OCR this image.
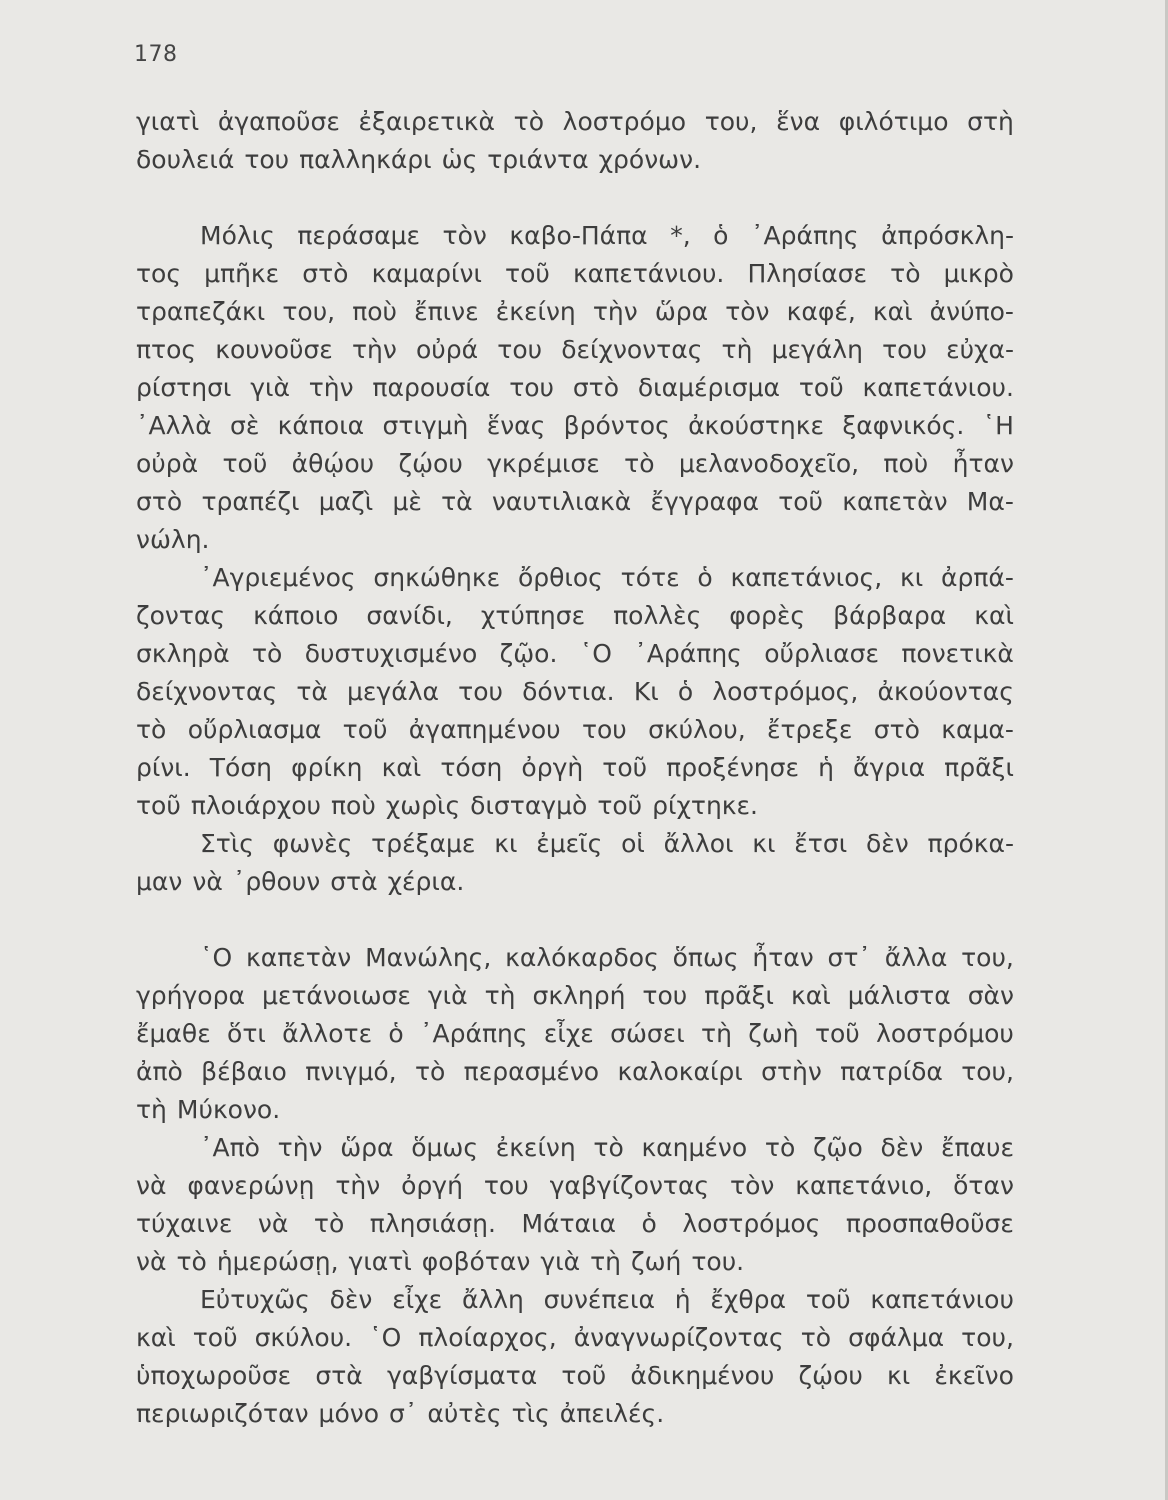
178
γιατὶ ἀγαποῦσε ἐξαιρετικὰ τὸ λοστρόμο του, ἕνα φιλότιμο στὴ
δουλειά του παλληκάρι ὡς τριάντα χρόνων.
Μόλις περάσαμε τὸν καβο-Πάπα *, ὁ ᾽Αράπης ἀπρόσκλη-
τος μπῆκε στὸ καμαρίνι τοῦ καπετάνιου. Πλησίασε τὸ μικρὸ
τραπεζάκι του, ποὺ ἔπινε ἐκείνη τὴν ὥρα τὸν καφέ, καὶ ἀνύπο-
πτος κουνοῦσε τὴν οὐρά του δείχνοντας τὴ μεγάλη του εὐχα-
ρίστησι γιὰ τὴν παρουσία του στὸ διαμέρισμα τοῦ καπετάνιου.
᾽Αλλὰ σὲ κάποια στιγμὴ ἕνας βρόντος ἀκούστηκε ξαφνικός. ῾Η
οὐρὰ τοῦ ἀθῴου ζῴου γκρέμισε τὸ μελανοδοχεῖο, ποὺ ἦταν
στὸ τραπέζι μαζὶ μὲ τὰ ναυτιλιακὰ ἔγγραφα τοῦ καπετὰν Μα-
νώλη.
᾽Αγριεμένος σηκώθηκε ὄρθιος τότε ὁ καπετάνιος, κι ἀρπά-
ζοντας κάποιο σανίδι, χτύπησε πολλὲς φορὲς βάρβαρα καὶ
σκληρὰ τὸ δυστυχισμένο ζῷο. ῾Ο ᾽Αράπης οὔρλιασε πονετικὰ
δείχνοντας τὰ μεγάλα του δόντια. Κι ὁ λοστρόμος, ἀκούοντας
τὸ οὔρλιασμα τοῦ ἀγαπημένου του σκύλου, ἔτρεξε στὸ καμα-
ρίνι. Τόση φρίκη καὶ τόση ὀργὴ τοῦ προξένησε ἡ ἄγρια πρᾶξι
τοῦ πλοιάρχου ποὺ χωρὶς δισταγμὸ τοῦ ρίχτηκε.
Στὶς φωνὲς τρέξαμε κι ἐμεῖς οἱ ἄλλοι κι ἔτσι δὲν πρόκα-
μαν νὰ ᾽ρθουν στὰ χέρια.
῾Ο καπετὰν Μανώλης, καλόκαρδος ὅπως ἦταν στ᾽ ἄλλα του,
γρήγορα μετάνοιωσε γιὰ τὴ σκληρή του πρᾶξι καὶ μάλιστα σὰν
ἔμαθε ὅτι ἄλλοτε ὁ ᾽Αράπης εἶχε σώσει τὴ ζωὴ τοῦ λοστρόμου
ἀπὸ βέβαιο πνιγμό, τὸ περασμένο καλοκαίρι στὴν πατρίδα του,
τὴ Μύκονο.
᾽Απὸ τὴν ὥρα ὅμως ἐκείνη τὸ καημένο τὸ ζῷο δὲν ἔπαυε
νὰ φανερώνῃ τὴν ὀργή του γαβγίζοντας τὸν καπετάνιο, ὅταν
τύχαινε νὰ τὸ πλησιάσῃ. Μάταια ὁ λοστρόμος προσπαθοῦσε
νὰ τὸ ἡμερώσῃ, γιατὶ φοβόταν γιὰ τὴ ζωή του.
Εὐτυχῶς δὲν εἶχε ἄλλη συνέπεια ἡ ἔχθρα τοῦ καπετάνιου
καὶ τοῦ σκύλου. ῾Ο πλοίαρχος, ἀναγνωρίζοντας τὸ σφάλμα του,
ὑποχωροῦσε στὰ γαβγίσματα τοῦ ἀδικημένου ζῴου κι ἐκεῖνο
περιωριζόταν μόνο σ᾽ αὐτὲς τὶς ἀπειλές.
